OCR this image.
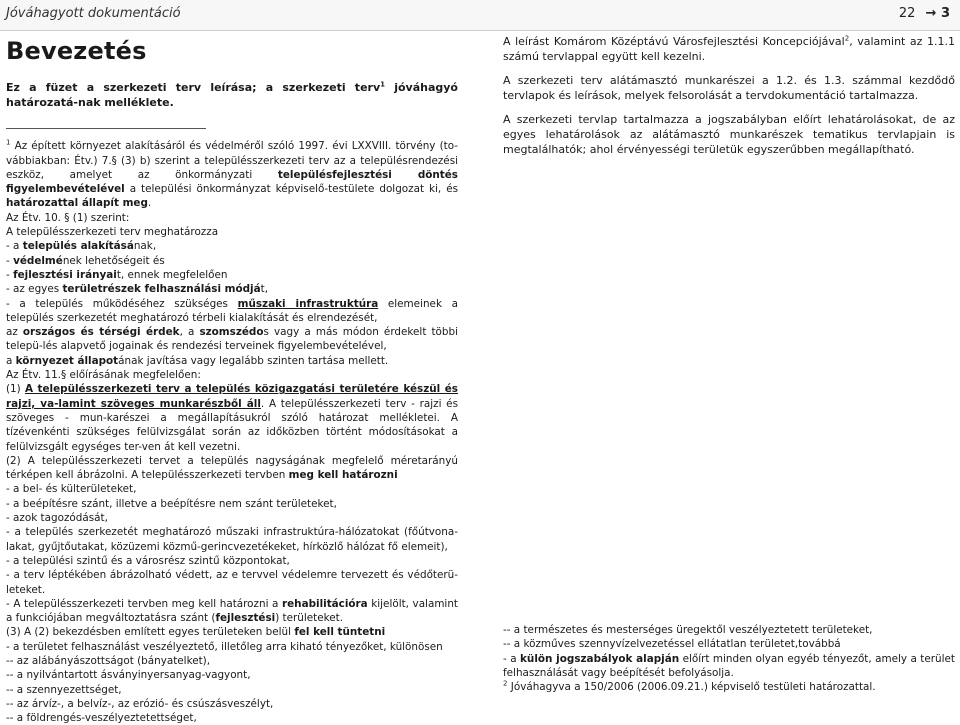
Jóváhagyott dokumentáció	22 → 3
Bevezetés

Ez a füzet a szerkezeti terv leírása; a szerkezeti terv$^1$ jóváhagyó határozatá-nak melléklete.

$^1$ Az épített környezet alakításáról és védelméről szóló 1997. évi LXXVIII. törvény (to-vábbiakban: Étv.) 7.§ (3) b) szerint a településszerkezeti terv az a településrendezési eszköz, amelyet az önkormányzati településfejlesztési döntés figyelembevételével a települési önkormányzat képviselő-testülete dolgozat ki, és határozattal állapít meg.

Az Étv. 10. § (1) szerint:

A településszerkezeti terv meghatározza

- a település alakításának,

- védelmének lehetőségeit és

- fejlesztési irányait, ennek megfelelően

- az egyes területrészek felhasználási módját,

- a település működéséhez szükséges műszaki infrastruktúra elemeinek a település szerkezetét meghatározó térbeli kialakítását és elrendezését,

az országos és térségi érdek, a szomszédos vagy a más módon érdekelt többi telepü-lés alapvető jogainak és rendezési terveinek figyelembevételével,

a környezet állapotának javítása vagy legalább szinten tartása mellett.

Az Étv. 11.§ előírásának megfelelően:

(1) A településszerkezeti terv a település közigazgatási területére készül és rajzi, va-lamint szöveges munkarészből áll. A településszerkezeti terv - rajzi és szöveges - mun-karészei a megállapításukról szóló határozat mellékletei. A tízévenkénti szükséges felülvizsgálat során az időközben történt módosításokat a felülvizsgált egységes ter-ven át kell vezetni.

(2) A településszerkezeti tervet a település nagyságának megfelelő méretarányú térképen kell ábrázolni. A településszerkezeti tervben meg kell határozni

- a bel- és külterületeket,

- a beépítésre szánt, illetve a beépítésre nem szánt területeket,

- azok tagozódását,

- a település szerkezetét meghatározó műszaki infrastruktúra-hálózatokat (főútvona-lakat, gyűjtőutakat, közüzemi közmű-gerincvezetékeket, hírközlő hálózat fő elemeit),

- a települési szintű és a városrész szintű központokat,

- a terv léptékében ábrázolható védett, az e tervvel védelemre tervezett és védőterü-leteket.

- A településszerkezeti tervben meg kell határozni a rehabilitációra kijelölt, valamint a funkciójában megváltoztatásra szánt (fejlesztési) területeket.

(3) A (2) bekezdésben említett egyes területeken belül fel kell tüntetni

- a területet felhasználást veszélyeztető, illetőleg arra kiható tényezőket, különösen

-- az alábányászottságot (bányatelket),

-- a nyilvántartott ásványinyersanyag-vagyont,

-- a szennyezettséget,

-- az árvíz-, a belvíz-, az erózió- és csúszásveszélyt,

-- a földrengés-veszélyeztetettséget,

A leírást Komárom Középtávú Városfejlesztési Koncepciójával$^2$, valamint az 1.1.1 számú tervlappal együtt kell kezelni.

A szerkezeti terv alátámasztó munkarészei a 1.2. és 1.3. számmal kezdődő tervlapok és leírások, melyek felsorolását a tervdokumentáció tartalmazza.

A szerkezeti tervlap tartalmazza a jogszabályban előírt lehatárolásokat, de az egyes lehatárolások az alátámasztó munkarészek tematikus tervlapjain is megtalálhatók; ahol érvényességi területük egyszerűbben megállapítható.

-- a természetes és mesterséges üregektől veszélyeztetett területeket,

-- a közműves szennyvízelvezetéssel ellátatlan területet,továbbá

- a külön jogszabályok alapján előírt minden olyan egyéb tényezőt, amely a terület felhasználását vagy beépítését befolyásolja.

$^2$ Jóváhagyva a 150/2006 (2006.09.21.) képviselő testületi határozattal.
